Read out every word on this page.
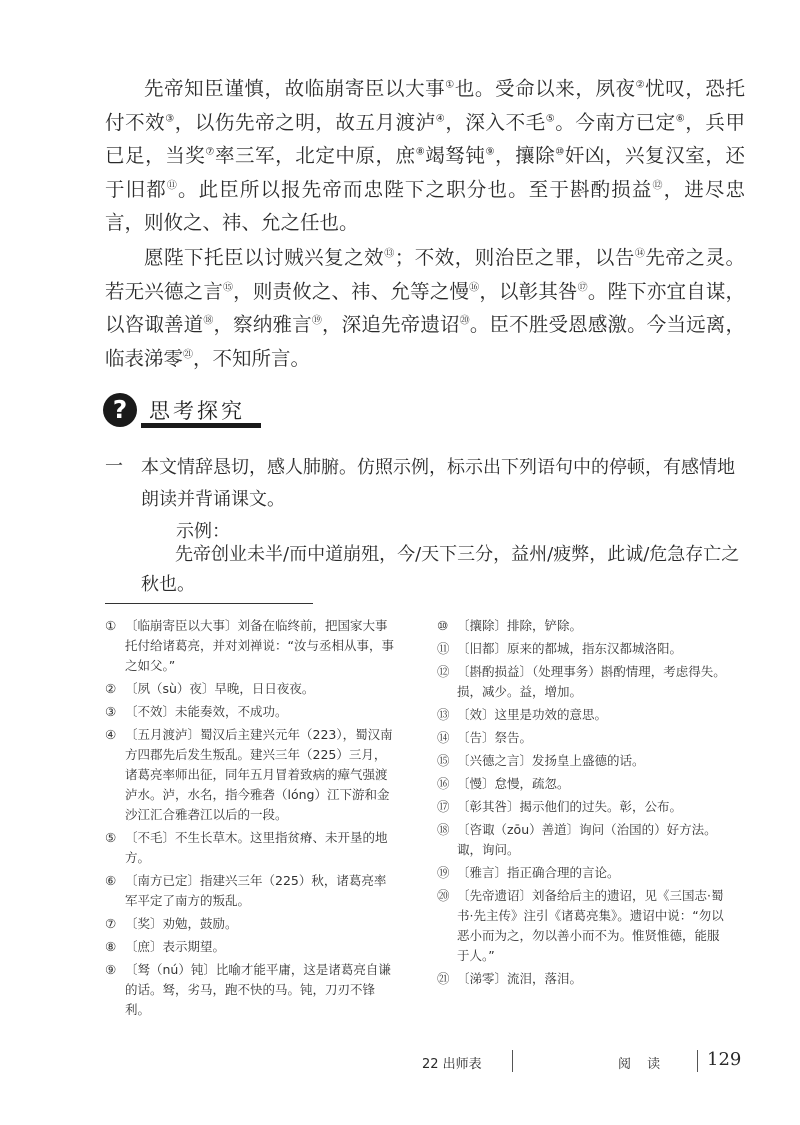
先帝知臣谨慎，故临崩寄臣以大事①也。受命以来，夙夜②忧叹，恐托付不效③，以伤先帝之明，故五月渡泸④，深入不毛⑤。今南方已定⑥，兵甲已足，当奖⑦率三军，北定中原，庶⑧竭驽钝⑨，攘除⑩奸凶，兴复汉室，还于旧都⑪。此臣所以报先帝而忠陛下之职分也。至于斟酌损益⑫，进尽忠言，则攸之、祎、允之任也。

愿陛下托臣以讨贼兴复之效⑬；不效，则治臣之罪，以告⑭先帝之灵。若无兴德之言⑮，则责攸之、祎、允等之慢⑯，以彰其咎⑰。陛下亦宜自谋，以咨诹善道⑱，察纳雅言⑲，深追先帝遗诏⑳。臣不胜受恩感激。今当远离，临表涕零$^㉑$，不知所言。

?	思考探究
一 本文情辞恳切，感人肺腑。仿照示例，标示出下列语句中的停顿，有感情地朗读并背诵课文。

示例：

先帝创业未半/而中道崩殂，今/天下三分，益州/疲弊，此诚/危急存亡之秋也。

① 〔临崩寄臣以大事〕刘备在临终前，把国家大事托付给诸葛亮，并对刘禅说：“汝与丞相从事，事之如父。”
② 〔夙（sù）夜〕早晚，日日夜夜。
③ 〔不效〕未能奏效，不成功。
④ 〔五月渡泸〕蜀汉后主建兴元年（223），蜀汉南方四郡先后发生叛乱。建兴三年（225）三月，诸葛亮率师出征，同年五月冒着致病的瘴气强渡泸水。泸，水名，指今雅砻（lóng）江下游和金沙江汇合雅砻江以后的一段。
⑤ 〔不毛〕不生长草木。这里指贫瘠、未开垦的地方。
⑥ 〔南方已定〕指建兴三年（225）秋，诸葛亮率军平定了南方的叛乱。
⑦ 〔奖〕劝勉，鼓励。
⑧ 〔庶〕表示期望。
⑨ 〔驽（nú）钝〕比喻才能平庸，这是诸葛亮自谦的话。驽，劣马，跑不快的马。钝，刀刃不锋利。
⑩ 〔攘除〕排除，铲除。
⑪ 〔旧都〕原来的都城，指东汉都城洛阳。
⑫ 〔斟酌损益〕（处理事务）斟酌情理，考虑得失。损，减少。益，增加。
⑬ 〔效〕这里是功效的意思。
⑭ 〔告〕祭告。
⑮ 〔兴德之言〕发扬皇上盛德的话。
⑯ 〔慢〕怠慢，疏忽。
⑰ 〔彰其咎〕揭示他们的过失。彰，公布。
⑱ 〔咨诹（zōu）善道〕询问（治国的）好方法。诹，询问。
⑲ 〔雅言〕指正确合理的言论。
⑳ 〔先帝遗诏〕刘备给后主的遗诏，见《三国志·蜀书·先主传》注引《诸葛亮集》。遗诏中说：“勿以恶小而为之，勿以善小而不为。惟贤惟德，能服于人。”
㉑ 〔涕零〕流泪，落泪。
22 出师表	阅 读 129
